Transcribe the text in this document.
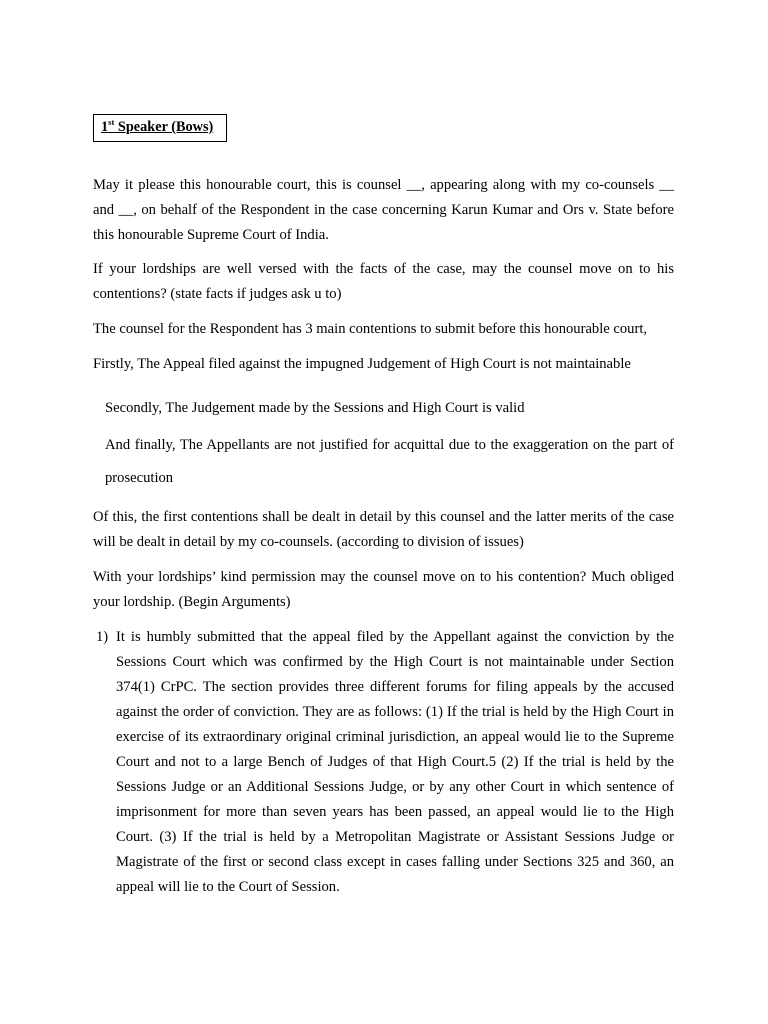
1st Speaker (Bows)

May it please this honourable court, this is counsel __, appearing along with my co-counsels __ and __, on behalf of the Respondent in the case concerning Karun Kumar and Ors v. State before this honourable Supreme Court of India.

If your lordships are well versed with the facts of the case, may the counsel move on to his contentions? (state facts if judges ask u to)

The counsel for the Respondent has 3 main contentions to submit before this honourable court,

Firstly, The Appeal filed against the impugned Judgement of High Court is not maintainable

Secondly, The Judgement made by the Sessions and High Court is valid

And finally, The Appellants are not justified for acquittal due to the exaggeration on the part of prosecution

Of this, the first contentions shall be dealt in detail by this counsel and the latter merits of the case will be dealt in detail by my co-counsels. (according to division of issues)

With your lordships’ kind permission may the counsel move on to his contention? Much obliged your lordship. (Begin Arguments)

1) It is humbly submitted that the appeal filed by the Appellant against the conviction by the Sessions Court which was confirmed by the High Court is not maintainable under Section 374(1) CrPC. The section provides three different forums for filing appeals by the accused against the order of conviction. They are as follows: (1) If the trial is held by the High Court in exercise of its extraordinary original criminal jurisdiction, an appeal would lie to the Supreme Court and not to a large Bench of Judges of that High Court.5 (2) If the trial is held by the Sessions Judge or an Additional Sessions Judge, or by any other Court in which sentence of imprisonment for more than seven years has been passed, an appeal would lie to the High Court. (3) If the trial is held by a Metropolitan Magistrate or Assistant Sessions Judge or Magistrate of the first or second class except in cases falling under Sections 325 and 360, an appeal will lie to the Court of Session.
